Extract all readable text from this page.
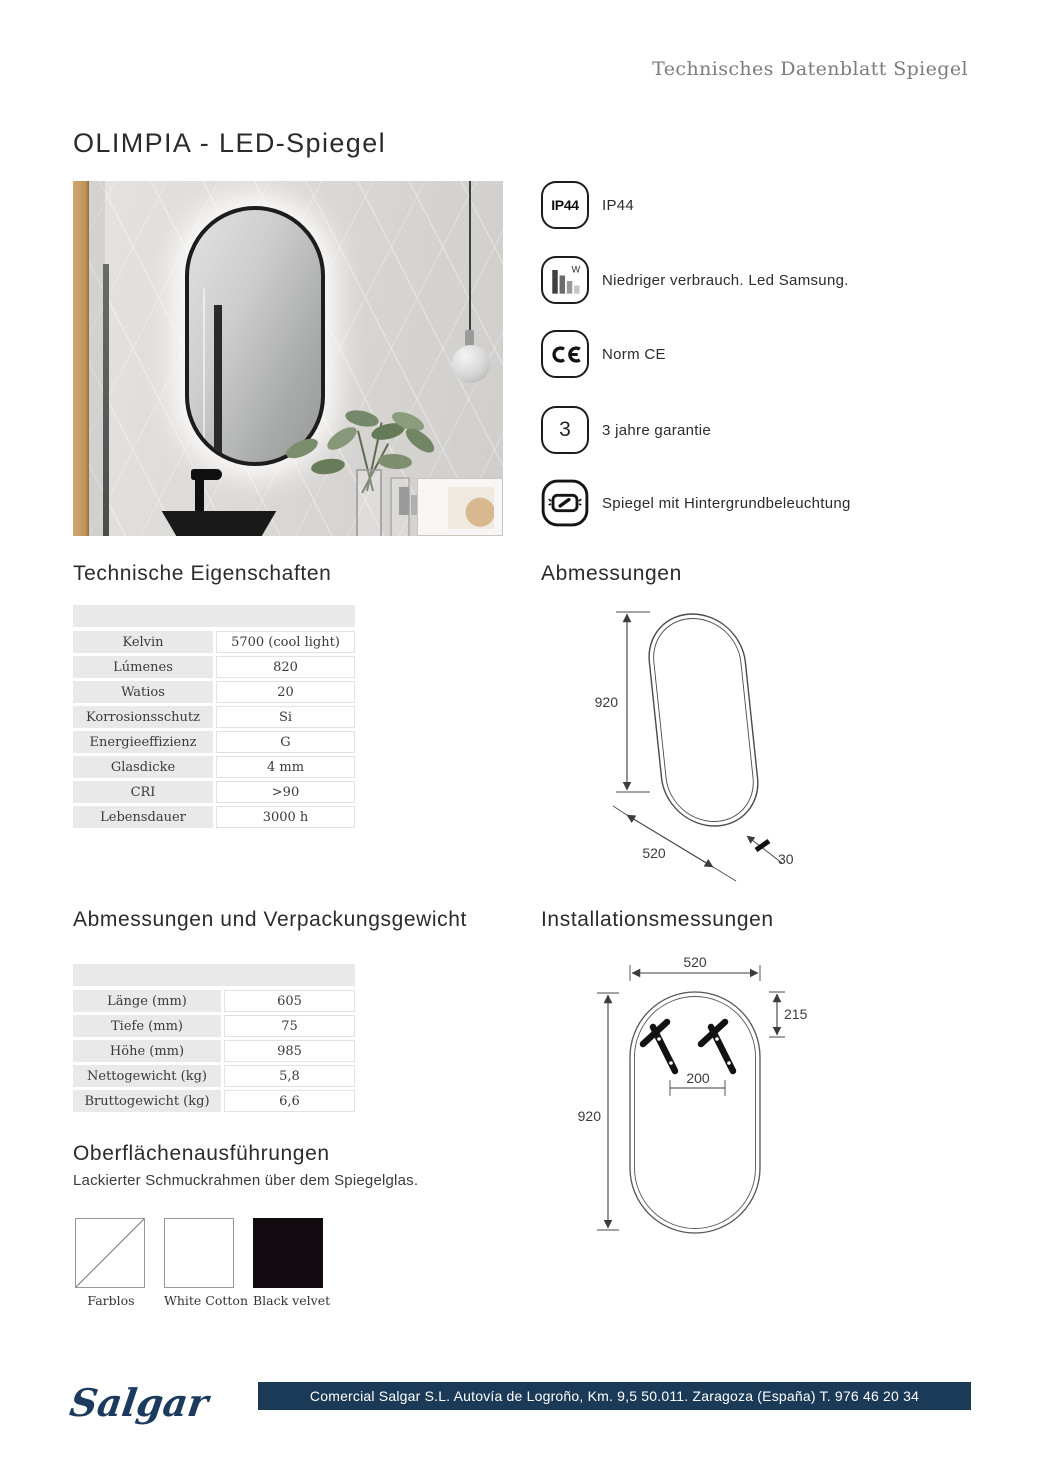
Technisches Datenblatt Spiegel
OLIMPIA - LED-Spiegel
IP44 IP44
W
Niedriger verbrauch. Led Samsung.
Norm CE
3 3 jahre garantie
Spiegel mit Hintergrundbeleuchtung
Technische Eigenschaften
Kelvin	5700 (cool light)
Lúmenes	820
Watios	20
Korrosionsschutz	Si
Energieeffizienz	G
Glasdicke	4 mm
CRI	>90
Lebensdauer	3000 h
Abmessungen
920
520	30
Abmessungen und Verpackungsgewicht
Länge (mm)	605
Tiefe (mm)	75
Höhe (mm)	985
Nettogewicht (kg)	5,8
Bruttogewicht (kg)	6,6
Installationsmessungen
520
215
200
920
Oberflächenausführungen
Lackierter Schmuckrahmen über dem Spiegelglas.
Farblos	White Cotton Black velvet
Salgar	Comercial Salgar S.L. Autovía de Logroño, Km. 9,5 50.011. Zaragoza (España) T. 976 46 20 34
